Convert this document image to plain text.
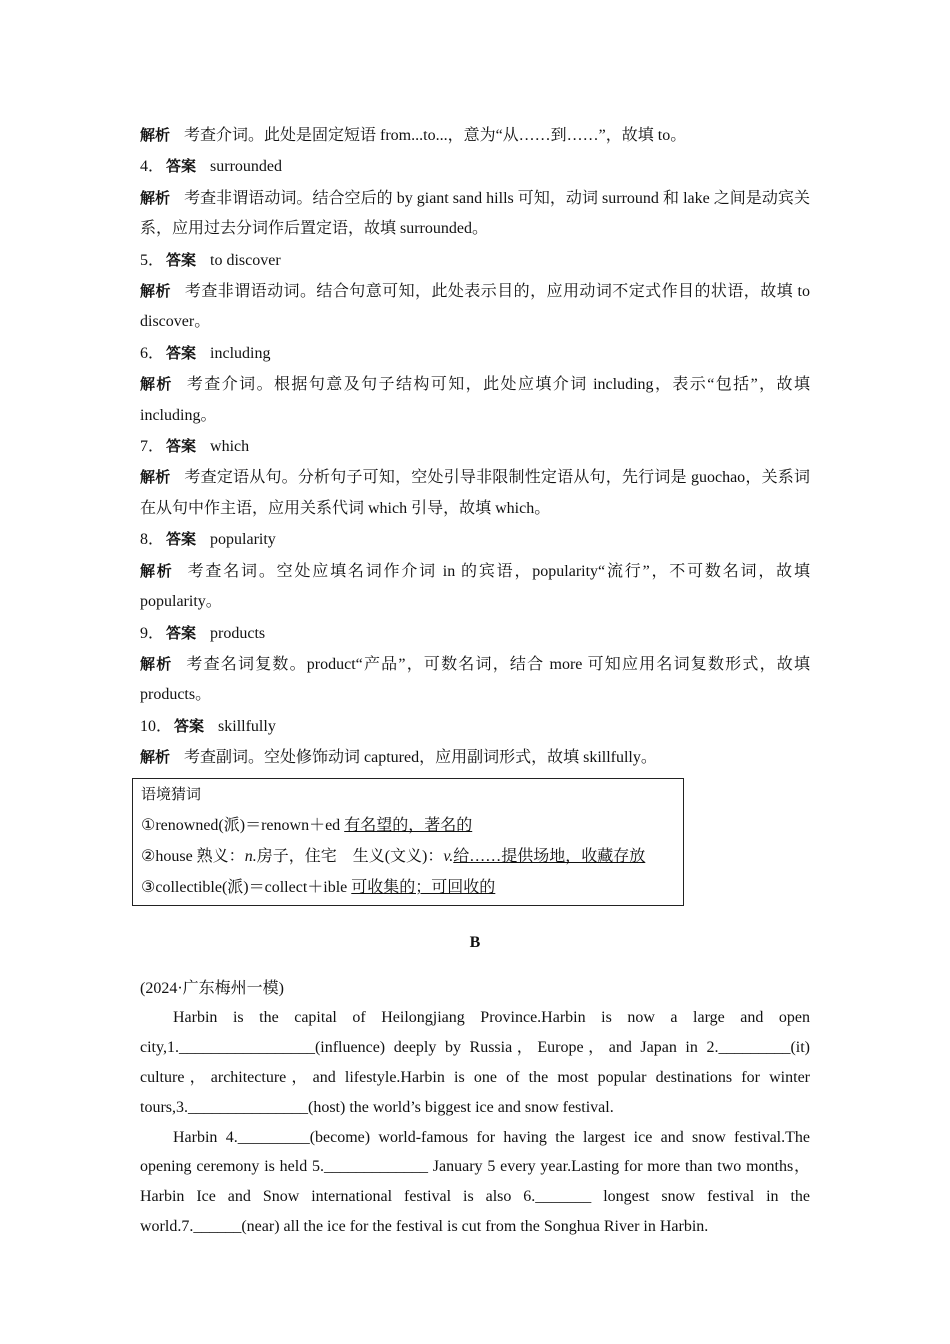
解析 考查介词。此处是固定短语 from...to...，意为“从……到……”，故填 to。

4． 答案 surrounded

解析 考查非谓语动词。结合空后的 by giant sand hills 可知，动词 surround 和 lake 之间是动宾关系，应用过去分词作后置定语，故填 surrounded。

5． 答案 to discover

解析 考查非谓语动词。结合句意可知，此处表示目的，应用动词不定式作目的状语，故填 to discover。

6． 答案 including

解析 考查介词。根据句意及句子结构可知，此处应填介词 including，表示“包括”，故填 including。

7． 答案 which

解析 考查定语从句。分析句子可知，空处引导非限制性定语从句，先行词是 guochao，关系词在从句中作主语，应用关系代词 which 引导，故填 which。

8． 答案 popularity

解析 考查名词。空处应填名词作介词 in 的宾语，popularity“流行”，不可数名词，故填 popularity。

9． 答案 products

解析 考查名词复数。product“产品”，可数名词，结合 more 可知应用名词复数形式，故填 products。

10． 答案 skillfully

解析 考查副词。空处修饰动词 captured，应用副词形式，故填 skillfully。

语境猜词

①renowned(派)＝renown＋ed 有名望的，著名的

②house 熟义：n.房子，住宅　生义(文义)：v.给……提供场地，收藏存放

③collectible(派)＝collect＋ible 可收集的；可回收的

B

(2024·广东梅州一模)

Harbin is the capital of Heilongjiang Province.Harbin is now a large and open city,1._________________(influence) deeply by Russia，Europe，and Japan in 2._________(it) culture，architecture，and lifestyle.Harbin is one of the most popular destinations for winter tours,3._______________(host) the world’s biggest ice and snow festival.

Harbin 4._________(become) world-famous for having the largest ice and snow festival.The opening ceremony is held 5._____________ January 5 every year.Lasting for more than two months，Harbin Ice and Snow international festival is also 6._______ longest snow festival in the world.7.______(near) all the ice for the festival is cut from the Songhua River in Harbin.
